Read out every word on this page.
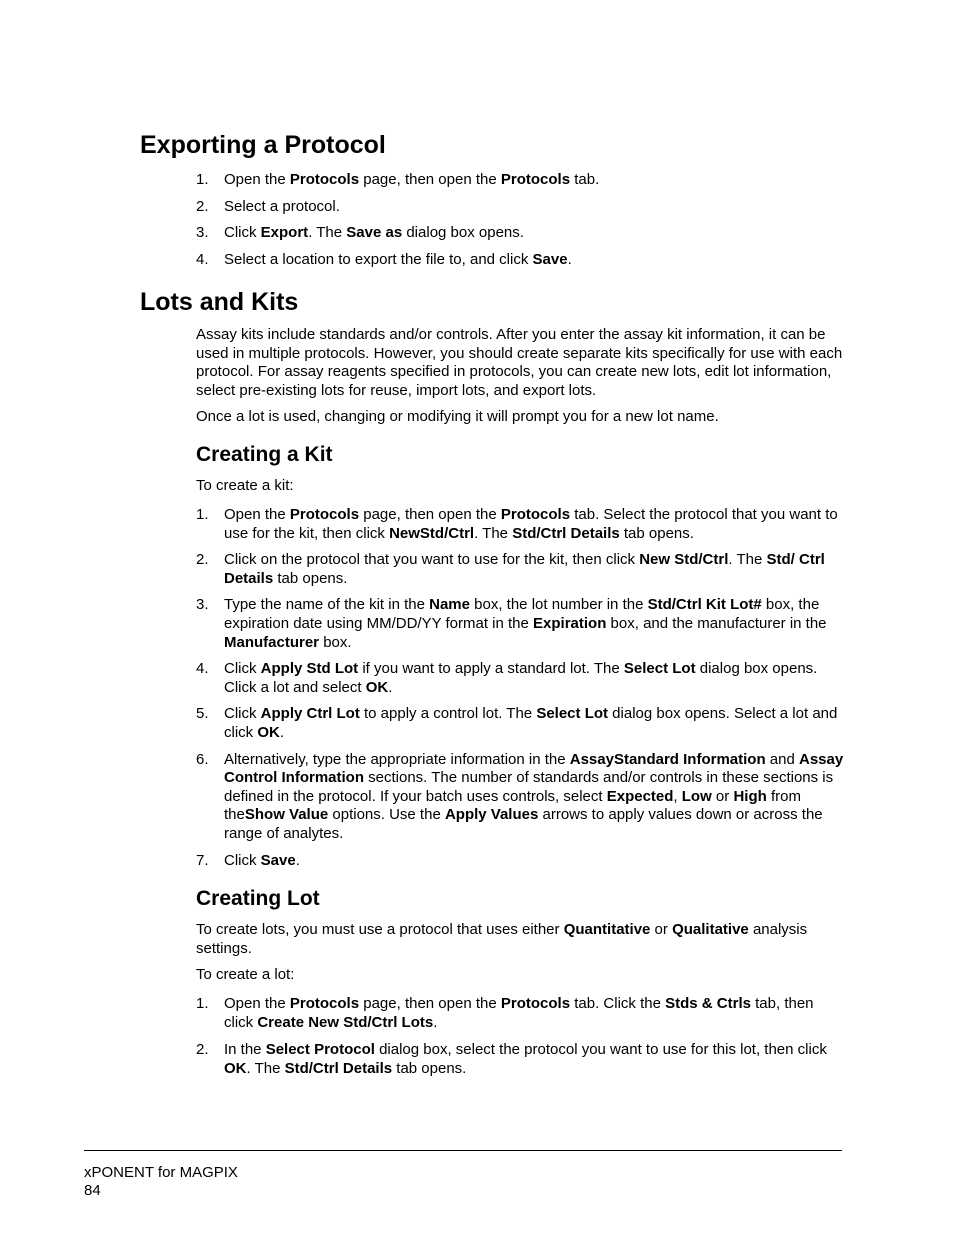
Exporting a Protocol
1. Open the Protocols page, then open the Protocols tab.
2. Select a protocol.
3. Click Export. The Save as dialog box opens.
4. Select a location to export the file to, and click Save.
Lots and Kits

Assay kits include standards and/or controls. After you enter the assay kit information, it can be used in multiple protocols. However, you should create separate kits specifically for use with each protocol. For assay reagents specified in protocols, you can create new lots, edit lot information, select pre-existing lots for reuse, import lots, and export lots.

Once a lot is used, changing or modifying it will prompt you for a new lot name.

Creating a Kit

To create a kit:

1. Open the Protocols page, then open the Protocols tab. Select the protocol that you want to use for the kit, then click NewStd/Ctrl. The Std/Ctrl Details tab opens.
2. Click on the protocol that you want to use for the kit, then click New Std/Ctrl. The Std/ Ctrl Details tab opens.
3. Type the name of the kit in the Name box, the lot number in the Std/Ctrl Kit Lot# box, the expiration date using MM/DD/YY format in the Expiration box, and the manufacturer in the Manufacturer box.
4. Click Apply Std Lot if you want to apply a standard lot. The Select Lot dialog box opens. Click a lot and select OK.
5. Click Apply Ctrl Lot to apply a control lot. The Select Lot dialog box opens. Select a lot and click OK.
6. Alternatively, type the appropriate information in the AssayStandard Information and Assay Control Information sections. The number of standards and/or controls in these sections is defined in the protocol. If your batch uses controls, select Expected, Low or High from theShow Value options. Use the Apply Values arrows to apply values down or across the range of analytes.
7. Click Save.
Creating Lot

To create lots, you must use a protocol that uses either Quantitative or Qualitative analysis settings.

To create a lot:

1. Open the Protocols page, then open the Protocols tab. Click the Stds & Ctrls tab, then click Create New Std/Ctrl Lots.
2. In the Select Protocol dialog box, select the protocol you want to use for this lot, then click OK. The Std/Ctrl Details tab opens.
xPONENT for MAGPIX
84
